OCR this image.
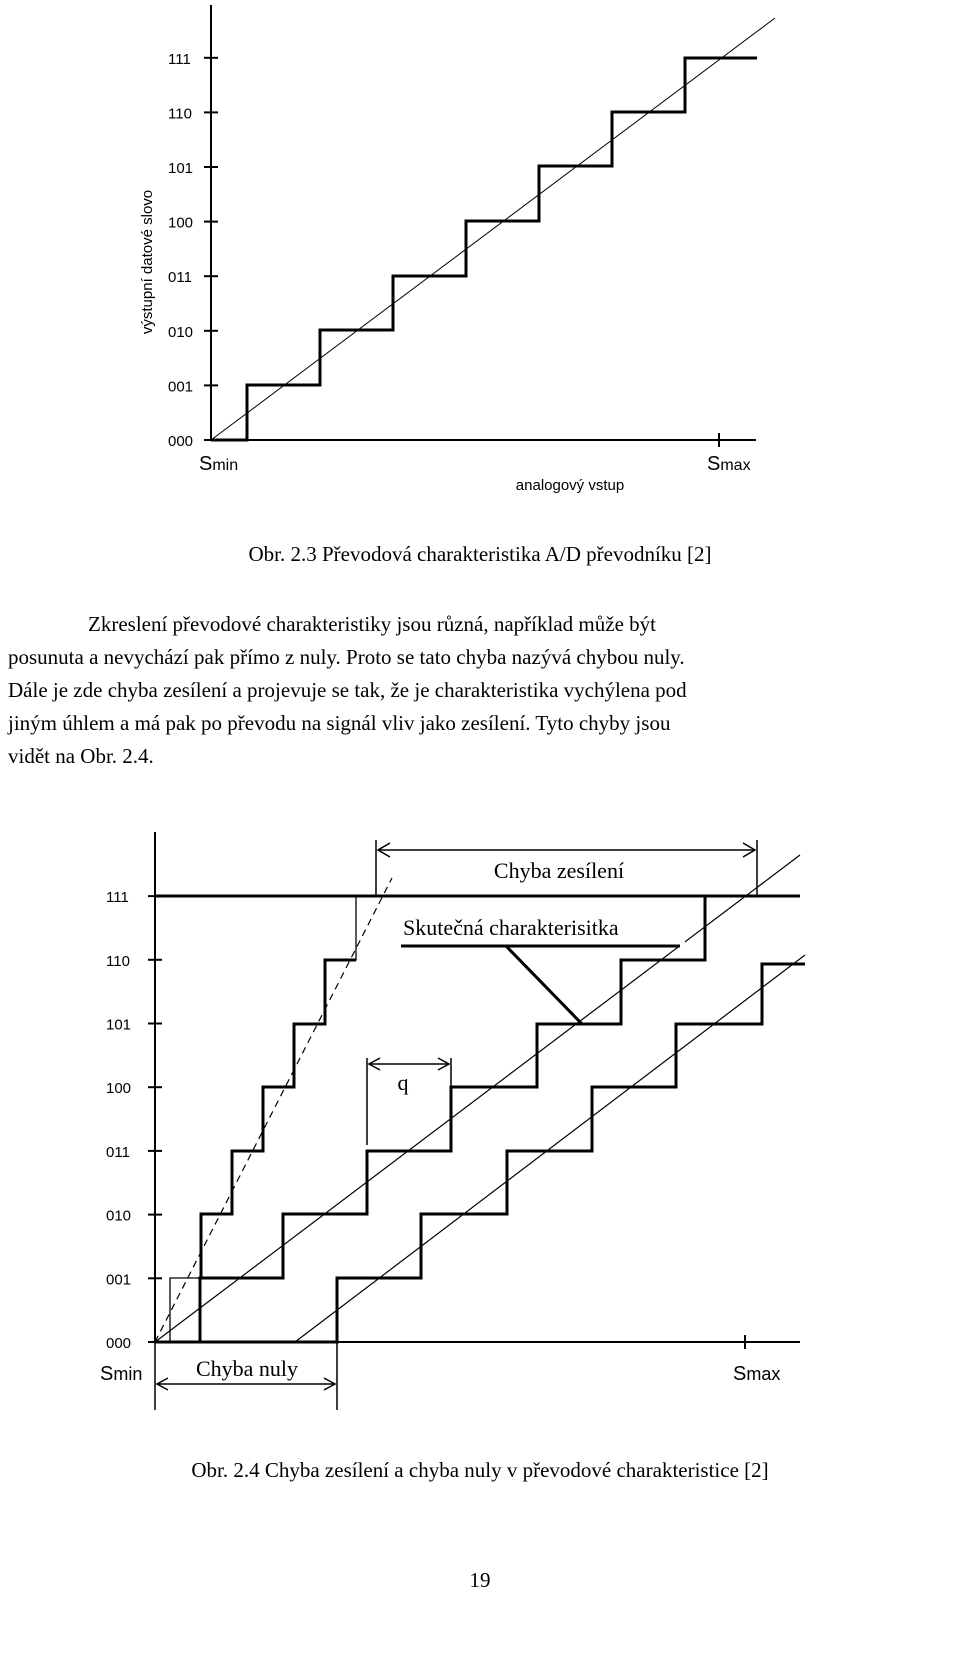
000
001
010
011
100
101
110
111
výstupní datové slovo
Smin	Smax
analogový vstup
Obr. 2.3 Převodová charakteristika A/D převodníku [2]

Zkreslení převodové charakteristiky jsou různá, například může být

posunuta a nevychází pak přímo z nuly. Proto se tato chyba nazývá chybou nuly.

Dále je zde chyba zesílení a projevuje se tak, že je charakteristika vychýlena pod

jiným úhlem a má pak po převodu na signál vliv jako zesílení. Tyto chyby jsou

vidět na Obr. 2.4.

000
001
010
011
100
101
110
111
Chyba zesílení
Skutečná charakterisitka
q
Chyba nuly
Smin	Smax
Obr. 2.4 Chyba zesílení a chyba nuly v převodové charakteristice [2]
19
